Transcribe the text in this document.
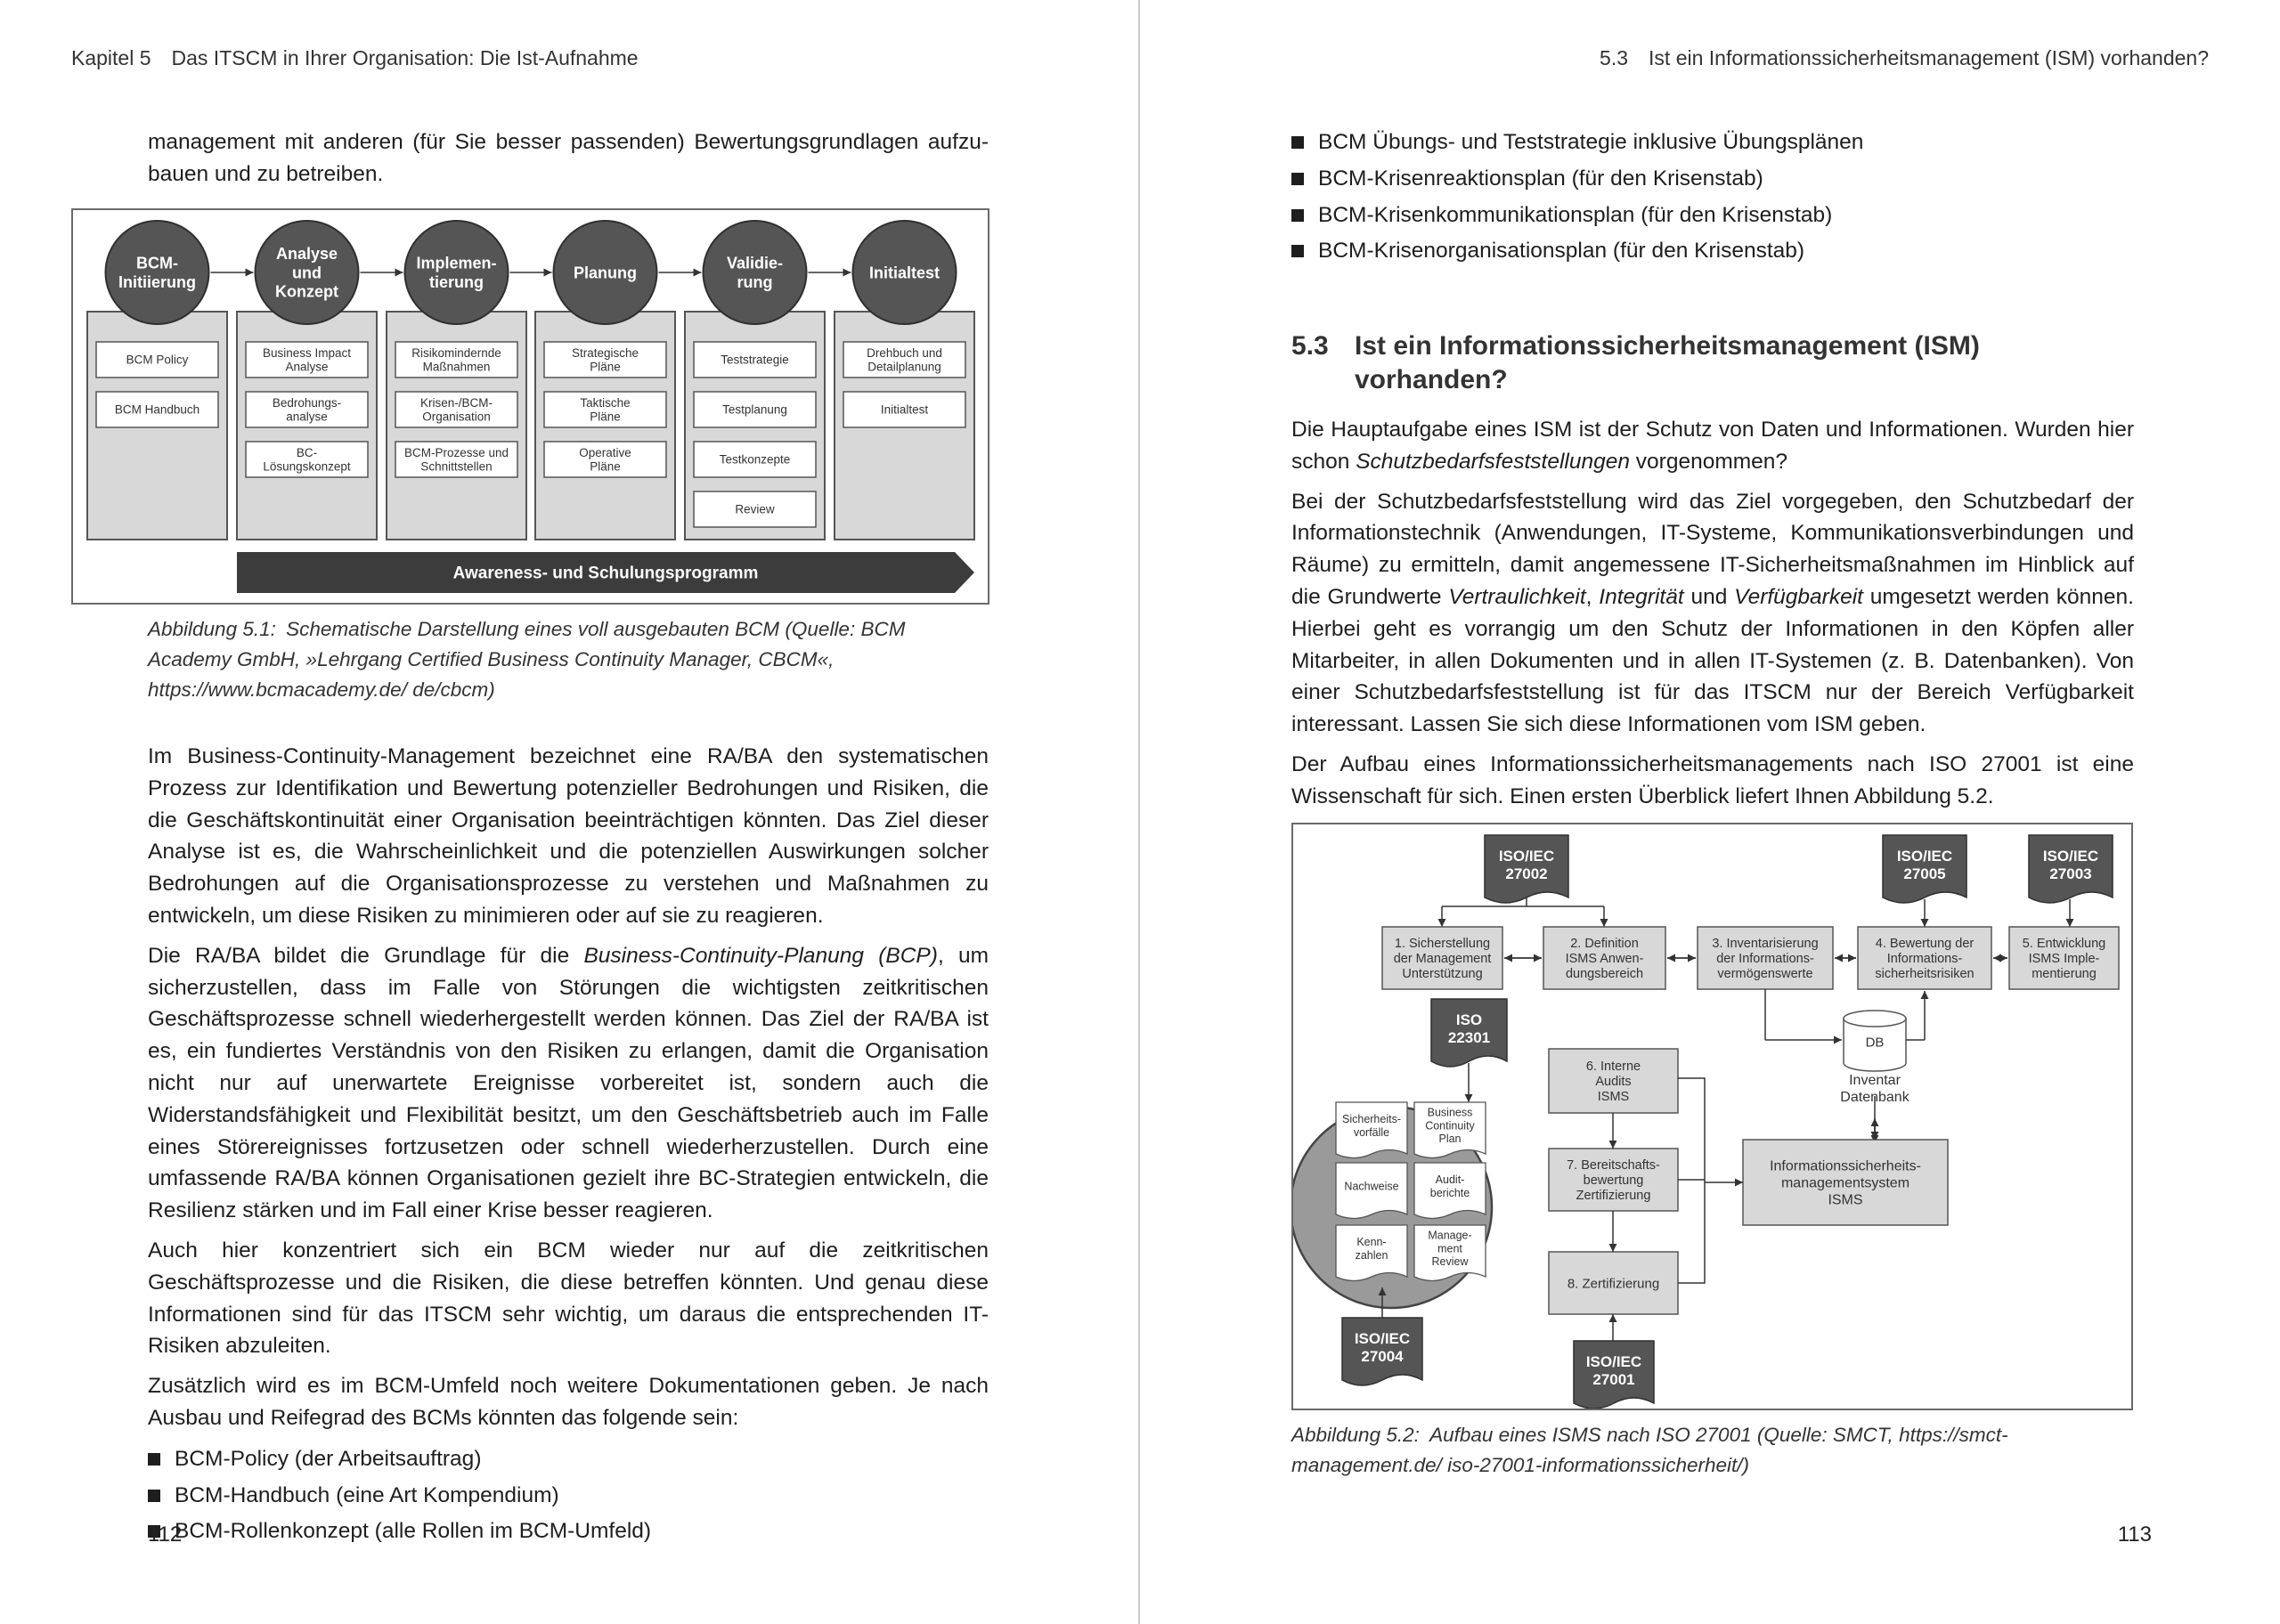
Kapitel 5 Das ITSCM in Ihrer Organisation: Die Ist-Aufnahme
management mit anderen (für Sie besser passenden) Bewertungsgrundlagen aufzu-
bauen und zu betreiben.
BCM-Initiierung
BCM Policy
BCM Handbuch
Analyse und Konzept
Business Impact Analyse
Bedrohungs-analyse
BC-Lösungskonzept
Implemen-tierung
Risikomindernde Maßnahmen
Krisen-/BCM-Organisation
BCM-Prozesse und Schnittstellen
Planung
Strategische Pläne
Taktische Pläne
Operative Pläne
Validie-rung
Teststrategie
Testplanung
Testkonzepte
Review
Initialtest
Drehbuch und Detailplanung
Initialtest
Awareness- und Schulungsprogramm
Abbildung 5.1: Schematische Darstellung eines voll ausgebauten BCM (Quelle: BCM Academy GmbH, »Lehrgang Certified Business Continuity Manager, CBCM«, https://www.bcmacademy.de/ de/cbcm)

Im Business-Continuity-Management bezeichnet eine RA/BA den systematischen Prozess zur Identifikation und Bewertung potenzieller Bedrohungen und Risiken, die die Geschäftskontinuität einer Organisation beeinträchtigen könnten. Das Ziel dieser Analyse ist es, die Wahrscheinlichkeit und die potenziellen Auswirkungen solcher Bedrohungen auf die Organisationsprozesse zu verstehen und Maßnahmen zu entwickeln, um diese Risiken zu minimieren oder auf sie zu reagieren.

Die RA/BA bildet die Grundlage für die Business-Continuity-Planung (BCP), um sicherzustellen, dass im Falle von Störungen die wichtigsten zeitkritischen Geschäftsprozesse schnell wiederhergestellt werden können. Das Ziel der RA/BA ist es, ein fundiertes Verständnis von den Risiken zu erlangen, damit die Organisation nicht nur auf unerwartete Ereignisse vorbereitet ist, sondern auch die Widerstandsfähigkeit und Flexibilität besitzt, um den Geschäftsbetrieb auch im Falle eines Störereignisses fortzusetzen oder schnell wiederherzustellen. Durch eine umfassende RA/BA können Organisationen gezielt ihre BC-Strategien entwickeln, die Resilienz stärken und im Fall einer Krise besser reagieren.

Auch hier konzentriert sich ein BCM wieder nur auf die zeitkritischen Geschäftsprozesse und die Risiken, die diese betreffen könnten. Und genau diese Informationen sind für das ITSCM sehr wichtig, um daraus die entsprechenden IT-Risiken abzuleiten.

Zusätzlich wird es im BCM-Umfeld noch weitere Dokumentationen geben. Je nach Ausbau und Reifegrad des BCMs könnten das folgende sein:

BCM-Policy (der Arbeitsauftrag)
BCM-Handbuch (eine Art Kompendium)
BCM-Rollenkonzept (alle Rollen im BCM-Umfeld)
112
5.3 Ist ein Informationssicherheitsmanagement (ISM) vorhanden?
BCM Übungs- und Teststrategie inklusive Übungsplänen
BCM-Krisenreaktionsplan (für den Krisenstab)
BCM-Krisenkommunikationsplan (für den Krisenstab)
BCM-Krisenorganisationsplan (für den Krisenstab)
5.3 Ist ein Informationssicherheitsmanagement (ISM)
vorhanden?

Die Hauptaufgabe eines ISM ist der Schutz von Daten und Informationen. Wurden hier schon Schutzbedarfsfeststellungen vorgenommen?

Bei der Schutzbedarfsfeststellung wird das Ziel vorgegeben, den Schutzbedarf der Informationstechnik (Anwendungen, IT-Systeme, Kommunikationsverbindungen und Räume) zu ermitteln, damit angemessene IT-Sicherheitsmaßnahmen im Hinblick auf die Grundwerte Vertraulichkeit, Integrität und Verfügbarkeit umgesetzt werden können. Hierbei geht es vorrangig um den Schutz der Informationen in den Köpfen aller Mitarbeiter, in allen Dokumenten und in allen IT-Systemen (z. B. Datenbanken). Von einer Schutzbedarfsfeststellung ist für das ITSCM nur der Bereich Verfügbarkeit interessant. Lassen Sie sich diese Informationen vom ISM geben.

Der Aufbau eines Informationssicherheitsmanagements nach ISO 27001 ist eine Wissenschaft für sich. Einen ersten Überblick liefert Ihnen Abbildung 5.2.

ISO/IEC 27002
ISO/IEC 27005
ISO/IEC 27003
1. Sicherstellung der Management Unterstützung
2. Definition ISMS Anwen-dungsbereich
3. Inventarisierung der Informations-vermögenswerte
4. Bewertung der Informations-sicherheitsrisiken
5. Entwicklung ISMS Imple-mentierung
DB
Inventar Datenbank
ISO 22301
Sicherheits-vorfälle
Business Continuity Plan
Nachweise
Audit-berichte
Kenn-zahlen
Manage-ment Review
ISO/IEC 27004
6. Interne Audits ISMS
7. Bereitschafts-bewertung Zertifizierung
8. Zertifizierung
ISO/IEC 27001
Informationssicherheits-managementsystem ISMS
Abbildung 5.2: Aufbau eines ISMS nach ISO 27001 (Quelle: SMCT, https://smct-management.de/ iso-27001-informationssicherheit/)
113
